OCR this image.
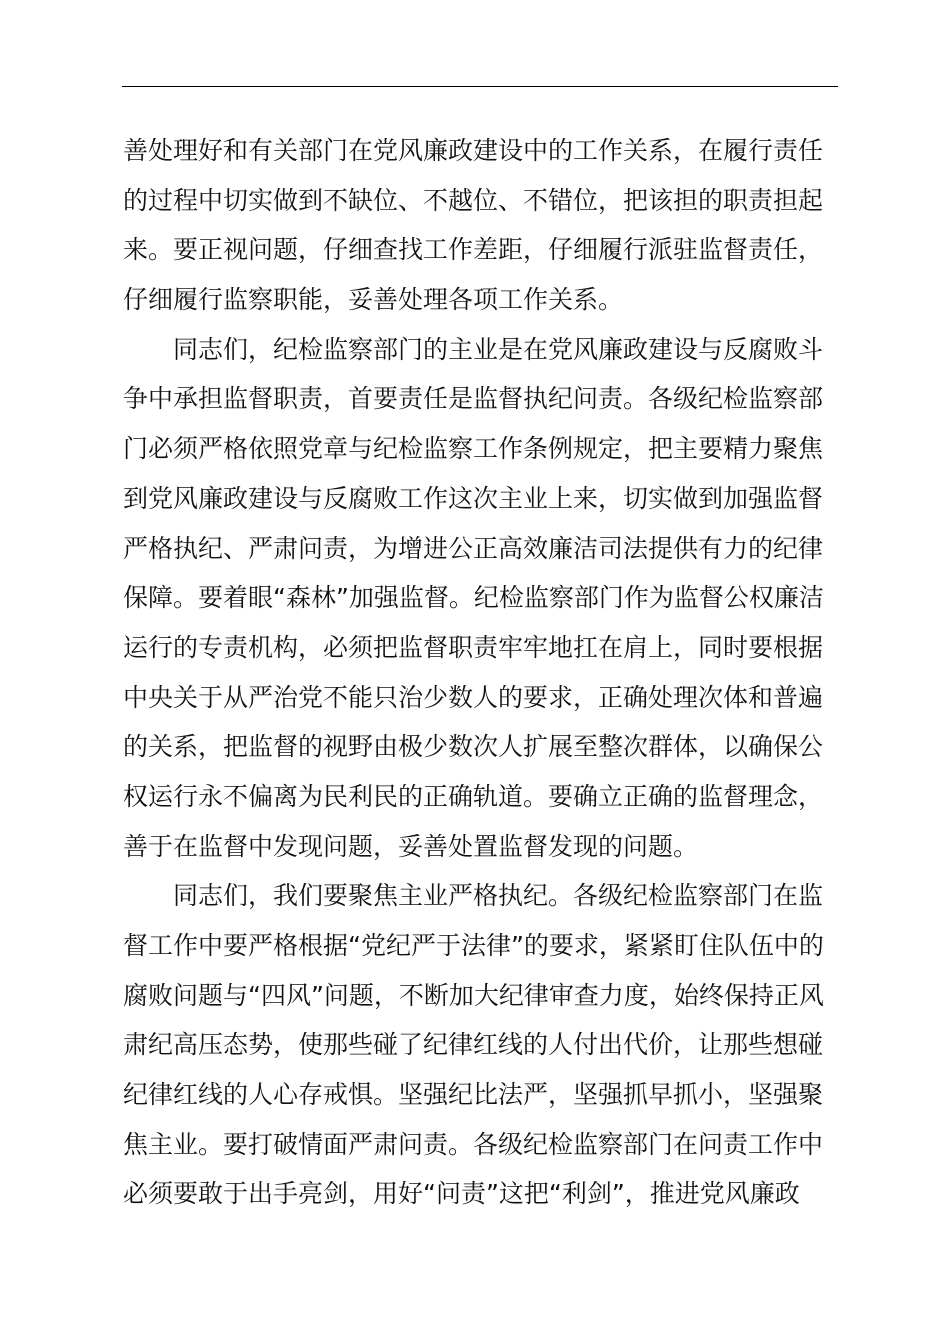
善处理好和有关部门在党风廉政建设中的工作关系，在履行责任
的过程中切实做到不缺位、不越位、不错位，把该担的职责担起
来。要正视问题，仔细查找工作差距，仔细履行派驻监督责任，
仔细履行监察职能，妥善处理各项工作关系。
同志们，纪检监察部门的主业是在党风廉政建设与反腐败斗
争中承担监督职责，首要责任是监督执纪问责。各级纪检监察部
门必须严格依照党章与纪检监察工作条例规定，把主要精力聚焦
到党风廉政建设与反腐败工作这次主业上来，切实做到加强监督
严格执纪、严肃问责，为增进公正高效廉洁司法提供有力的纪律
保障。要着眼“森林”加强监督。纪检监察部门作为监督公权廉洁
运行的专责机构，必须把监督职责牢牢地扛在肩上，同时要根据
中央关于从严治党不能只治少数人的要求，正确处理次体和普遍
的关系，把监督的视野由极少数次人扩展至整次群体，以确保公
权运行永不偏离为民利民的正确轨道。要确立正确的监督理念，
善于在监督中发现问题，妥善处置监督发现的问题。
同志们，我们要聚焦主业严格执纪。各级纪检监察部门在监
督工作中要严格根据“党纪严于法律”的要求，紧紧盯住队伍中的
腐败问题与“四风”问题，不断加大纪律审查力度，始终保持正风
肃纪高压态势，使那些碰了纪律红线的人付出代价，让那些想碰
纪律红线的人心存戒惧。坚强纪比法严，坚强抓早抓小，坚强聚
焦主业。要打破情面严肃问责。各级纪检监察部门在问责工作中
必须要敢于出手亮剑，用好“问责”这把“利剑”，推进党风廉政
